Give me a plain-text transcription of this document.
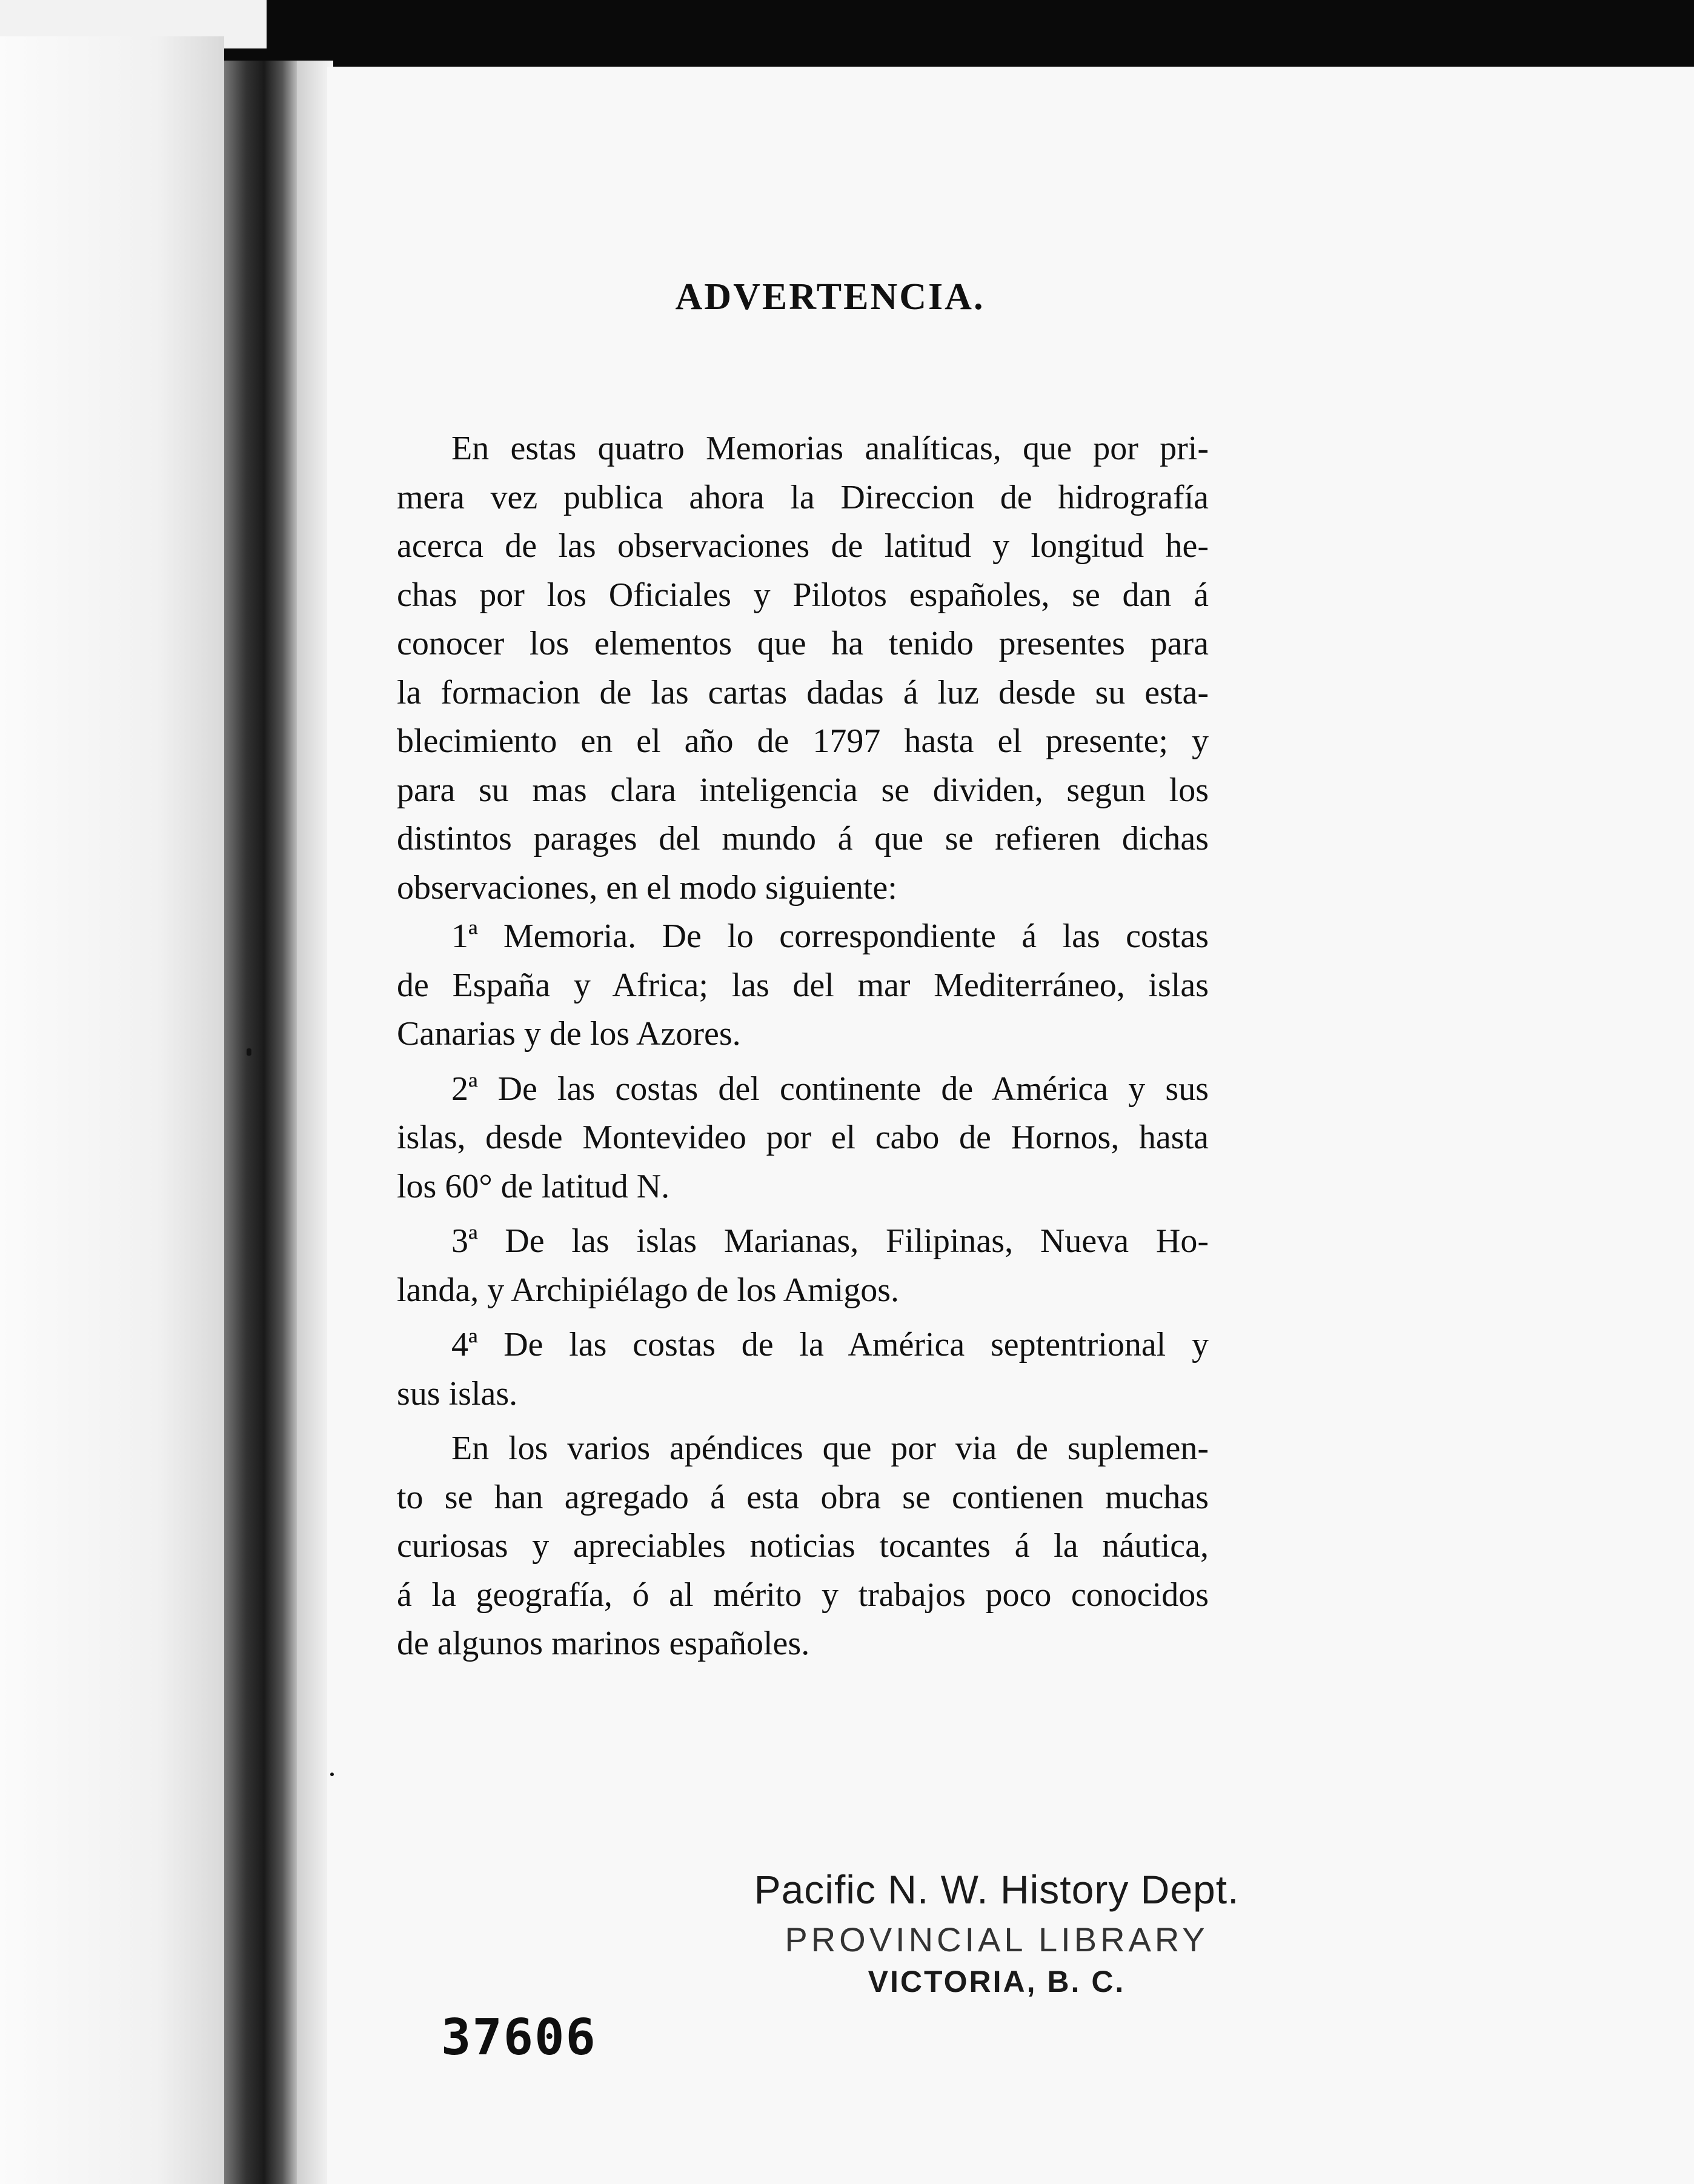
ADVERTENCIA.
En estas quatro Memorias analíticas, que por pri-
mera vez publica ahora la Direccion de hidrografía
acerca de las observaciones de latitud y longitud he-
chas por los Oficiales y Pilotos españoles, se dan á
conocer los elementos que ha tenido presentes para
la formacion de las cartas dadas á luz desde su esta-
blecimiento en el año de 1797 hasta el presente; y
para su mas clara inteligencia se dividen, segun los
distintos parages del mundo á que se refieren dichas
observaciones, en el modo siguiente:
1ª Memoria. De lo correspondiente á las costas
de España y Africa; las del mar Mediterráneo, islas
Canarias y de los Azores.
2ª De las costas del continente de América y sus
islas, desde Montevideo por el cabo de Hornos, hasta
los 60° de latitud N.
3ª De las islas Marianas, Filipinas, Nueva Ho-
landa, y Archipiélago de los Amigos.
4ª De las costas de la América septentrional y
sus islas.
En los varios apéndices que por via de suplemen-
to se han agregado á esta obra se contienen muchas
curiosas y apreciables noticias tocantes á la náutica,
á la geografía, ó al mérito y trabajos poco conocidos
de algunos marinos españoles.
Pacific N. W. History Dept.
PROVINCIAL LIBRARY
VICTORIA, B. C.
37606
